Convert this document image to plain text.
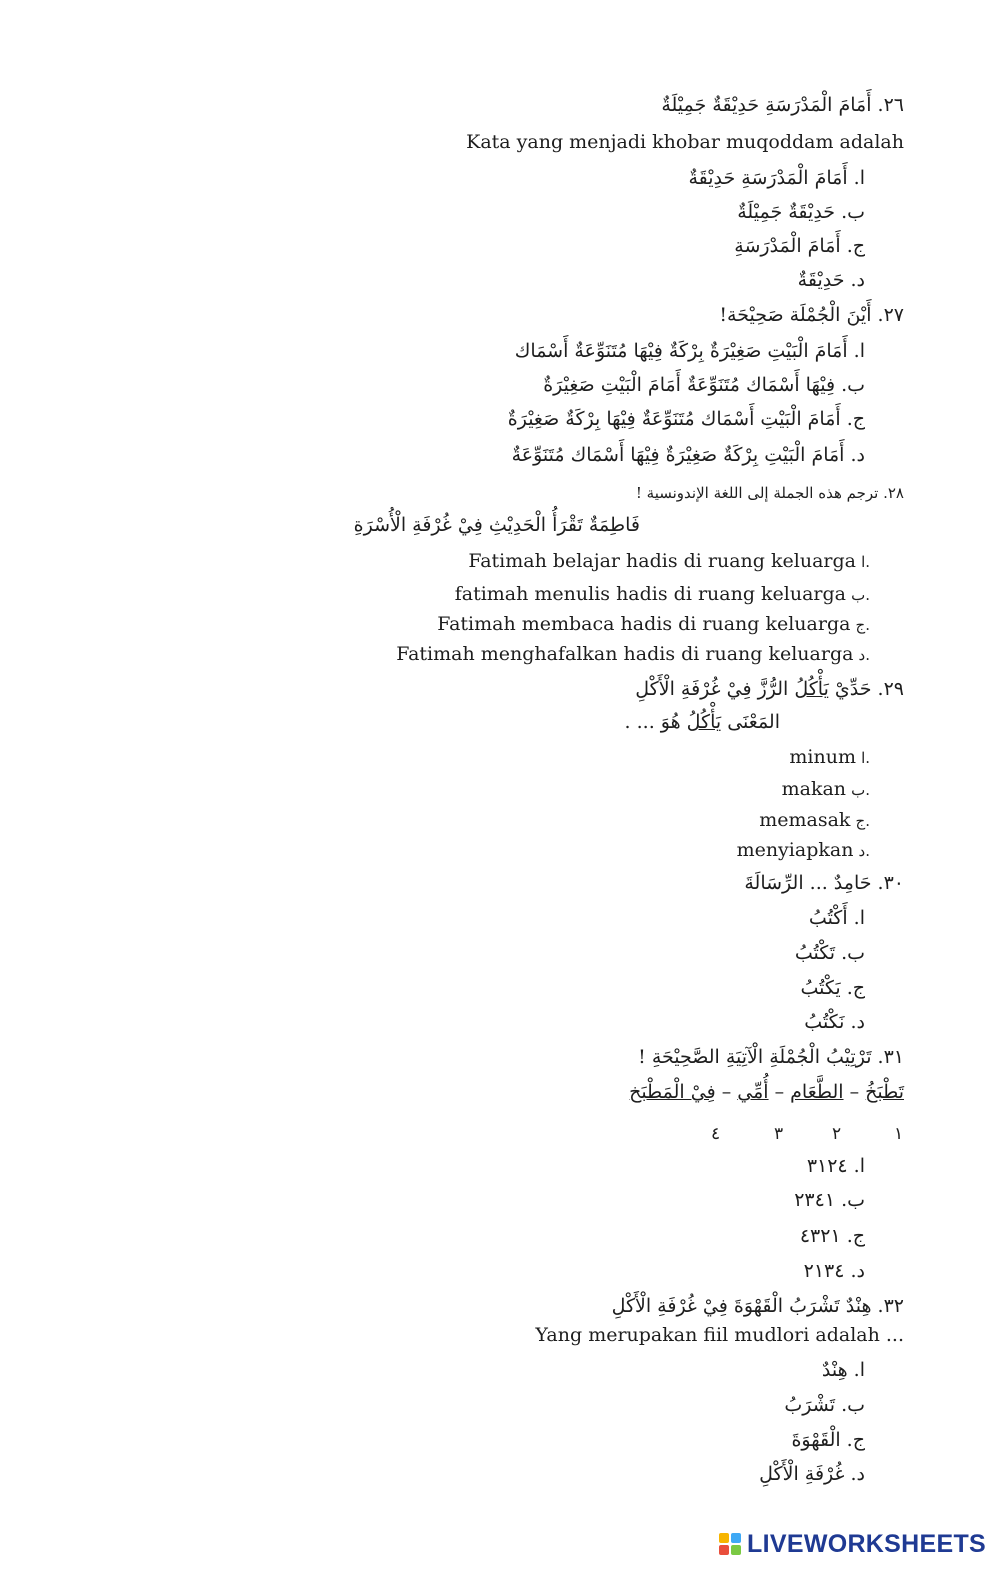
٢٦. أَمَامَ الْمَدْرَسَةِ حَدِيْقَةٌ جَمِيْلَةٌ
Kata yang menjadi khobar muqoddam adalah
ا. أَمَامَ الْمَدْرَسَةِ حَدِيْقَةٌ
ب. حَدِيْقَةٌ جَمِيْلَةٌ
ج. أَمَامَ الْمَدْرَسَةِ
د. حَدِيْقَةٌ
٢٧. أَيْنَ الْجُمْلَة صَحِيْحَة!
ا. أَمَامَ الْبَيْتِ صَغِيْرَةٌ بِرْكَةٌ فِيْهَا مُتَنَوِّعَةٌ أَسْمَاك
ب. فِيْهَا أَسْمَاك مُتَنَوِّعَةٌ أَمَامَ الْبَيْتِ صَغِيْرَةٌ
ج. أَمَامَ الْبَيْتِ أَسْمَاك مُتَنَوِّعَةٌ فِيْهَا بِرْكَةٌ صَغِيْرَةٌ
د. أَمَامَ الْبَيْتِ بِرْكَةٌ صَغِيْرَةٌ فِيْهَا أَسْمَاك مُتَنَوِّعَةٌ
٢٨. ترجم هذه الجملة إلى اللغة الإندونسية !
فَاطِمَةٌ تَقْرَأُ الْحَدِيْثِ فِيْ غُرْفَةِ الْأُسْرَةِ
Fatimah belajar hadis di ruang keluarga .ا
fatimah menulis hadis di ruang keluarga .ب
Fatimah membaca hadis di ruang keluarga .ج
Fatimah menghafalkan hadis di ruang keluarga .د
٢٩. حَدِّيْ يَأْكُلُ الرُّزَّ فِيْ غُرْفَةِ الْأَكْلِ
المَعْنَى يَأْكُلُ هُوَ ... .
minum .ا
makan .ب
memasak .ج
menyiapkan .د
٣٠. حَامِدٌ ... الرِّسَالَةَ
ا. أَكْتُبُ
ب. تَكْتُبُ
ج. يَكْتُبُ
د. نَكْتُبُ
٣١. تَرْتِيْبُ الْجُمْلَةِ الْآتِيَةِ الصَّحِيْحَةِ !
تَطْبَخُ – الطَّعَام – أُمِّي – فِيْ الْمَطْبَخ
١
٢
٣
٤
ا. ٣١٢٤
ب. ٢٣٤١
ج. ٤٣٢١
د. ٢١٣٤
٣٢. هِنْدٌ تَشْرَبُ الْقَهْوَةَ فِيْ غُرْفَةِ الْأَكْلِ
Yang merupakan fiil mudlori adalah ...
ا. هِنْدٌ
ب. تَشْرَبُ
ج. الْقَهْوَةَ
د. غُرْفَةِ الْأَكْلِ
LIVEWORKSHEETS
